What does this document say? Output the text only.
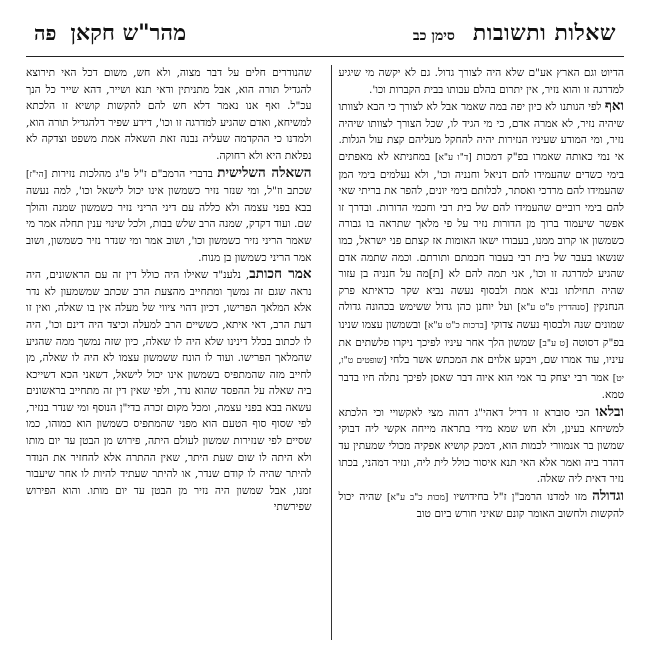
שאלות ותשובות
סימן כב
מהר"ש חקאן
פה

הדיוט וגם הארץ אע"ם שלא היה לצורך גדול. גם לא יקשה מי שיגיע למדרגה זו והוא נזיר, אין יתרום בהלם עבותו בבית הקברות וכו'.

ואף לפי הנותנו לא כיון יפה במה שאמר אבל לא לצורך כי הבא לצוותו שיהיה נזיר, לא אמרה אדם, כי מי הגיד לו, שכל הצורך לצוותו שיהיה נזיר, ומי המודע שעיניו הנזירות יהיה להחקל מעליהם קצת עול הגלות. אי נמי כאותה שאמרו בפ"ק דמכות [ד"ו ע"א] במחניתא לא מאפתים בימי כשדים שהעמידו להם דניאל וחנניה וכו', ולא נעלמים בימי המן שהעמידו להם מרדכי ואסתר, לכלותם בימי יונים, להפר את בריתי שאי להם בימי רוביים שהעמידו להם של בית רבי וחכמי הדורות. ובדרך זו אפשר שיעמוד ברוך מן הדורות נזיר על פי מלאך שתראה בו גבורה כשמשון או קרוב ממנו, בעבודו ישאו האומות אז קצתם פני ישראל, כמו שנשאו בעבר של בית רבי בעבור חכמתם ותורתם. וכמה שתמה אדם שהגיע למדרגה זו וכו', אני תמה להם לא [ת]מה על חנניה בן עזור שהיה תחילתו נביא אמת ולבסוף נעשה נביא שקר כדאיתא פרק הנחנקין [סנהדרין פ"ט ע"א] ועל יוחנן כהן גדול ששימש בכהונה גדולה שמונים שנה ולבסוף נעשה צדוקי [ברכות כ"ט ע"א] ובשמשון עצמו שנינו בפ"ק דסוטה [ט ע"ב] שמשון הלך אחר עיניו לפיכך ניקרו פלשתים את עיניו, עוד אמרו שם, ויבקע אלוים את המכתש אשר בלחי [שופטים ט"ו, יט] אמר רבי יצחק בר אמי הוא איוה דבר שאסן לפיכך נתלה חיו בדבר טמא.

ובלאו הכי סוברא זו דריל דאהי"ג דהוה מצי לאקשויי וכי הלכתא למשיחא בעינן, ולא חש שמא מידי בתראה מייחה אקשי ליה דבוקי שמשון בר אנמוורי לכמות הוא, דמכק קושיא אפקיה מכולי שמעתין עד דהדר ביה ואמר אלא האי תנא איסור כולל לית ליה, ונזיר דמהני, בכתו נזיר דאית ליה שאלה.

וגדולה מזו למדנו הרמב"ן ז"ל בחידושיו [מכות כ"ב ע"א] שהיה יכול להקשות ולחשוב האומר קונם שאיני חורש ביום טוב

שהנודרים חלים על דבר מצוה, ולא חש, משום דכל האי תירוצא להגדיל תורה הוא, אבל מתניתין ודאי תנא ושייר, דהא שייר כל הנך עכ"ל. ואף אנו נאמר דלא חש להם להקשות קושיא זו הלכתא למשיחא, ואדם שהגיע למדרגה זו וכו', דידע שפיר דלהגדיל תורה הוא, ולמדנו כי ההקדמה שעליה נבנה זאת השאלה אמת משפט וצדקה לא נפלאת היא ולא רחוקה.

השאלה השלישית בדברי הרמב"ם ז"ל פ"ג מהלכות נזירות [הי"ז] שכתב וז"ל, ומי שנזר נזיר כשמשון אינו יכול לישאל וכו', למה נעשה בבא בפני עצמה ולא כללה עם דיני הריני נזיר כשמשון שמנה והולך שם. ועוד דקדק, שמנה הרב שלש בבות, ולכל שינוי ענין תחלה אמר מי שאמר הריני נזיר כשמשון וכו', ושוב אמר ומי שנדר נזיר כשמשון, ושוב אמר הריני כשמשון בן מנוח.

אמר חכותב, נלענ"ד שאילו היה כולל דין זה עם הראשונים, היה נראה שגם זה נמשך ומתחייב מהצעת הרב שכתב שמשמעון לא נדר אלא המלאך הפרישו, דכיון דהוי ציווי של מעלה אין בו שאלה, ואין זו דעת הרב, דאי איתא, כששיים הרב למעלה וכיצד היה דינם וכו', היה לו לכתוב בכלל דינינו שלא היה לו שאלה, כיון שזה נמשך ממה שהגיע שהמלאך הפרישו. ועוד לו הונח ששמשון עצמו לא היה לו שאלה, מן לחייב מזה שהמתפיס בשמשון אינו יכול לישאל, דשאני הכא דשייכא ביה שאלה על ההפסד שהוא נדר, ולפי שאין דין זה מתחייב בראשונים עשאה בבא בפני עצמה, ומכל מקום זכרה בדי"ן הנוסף ומי שנדר בנזיר, לפי שסוף סוף הטעם הוא מפני שהמתפיס כשמשון הוא כמוהו, כמו שסיים לפי שנזירות שמשון לעולם היתה, פירוש מן הבטן עד יום מותו ולא היתה לו שום שעת היתר, שאין ההתרה אלא להחזיר את הנודר להיתר שהיה לו קודם שנדר, או להיתר שעתיד להיות לו אחר שיעבור זמנו, אבל שמשון היה נזיר מן הבטן עד יום מותו. והוא הפירוש שפירשתי
